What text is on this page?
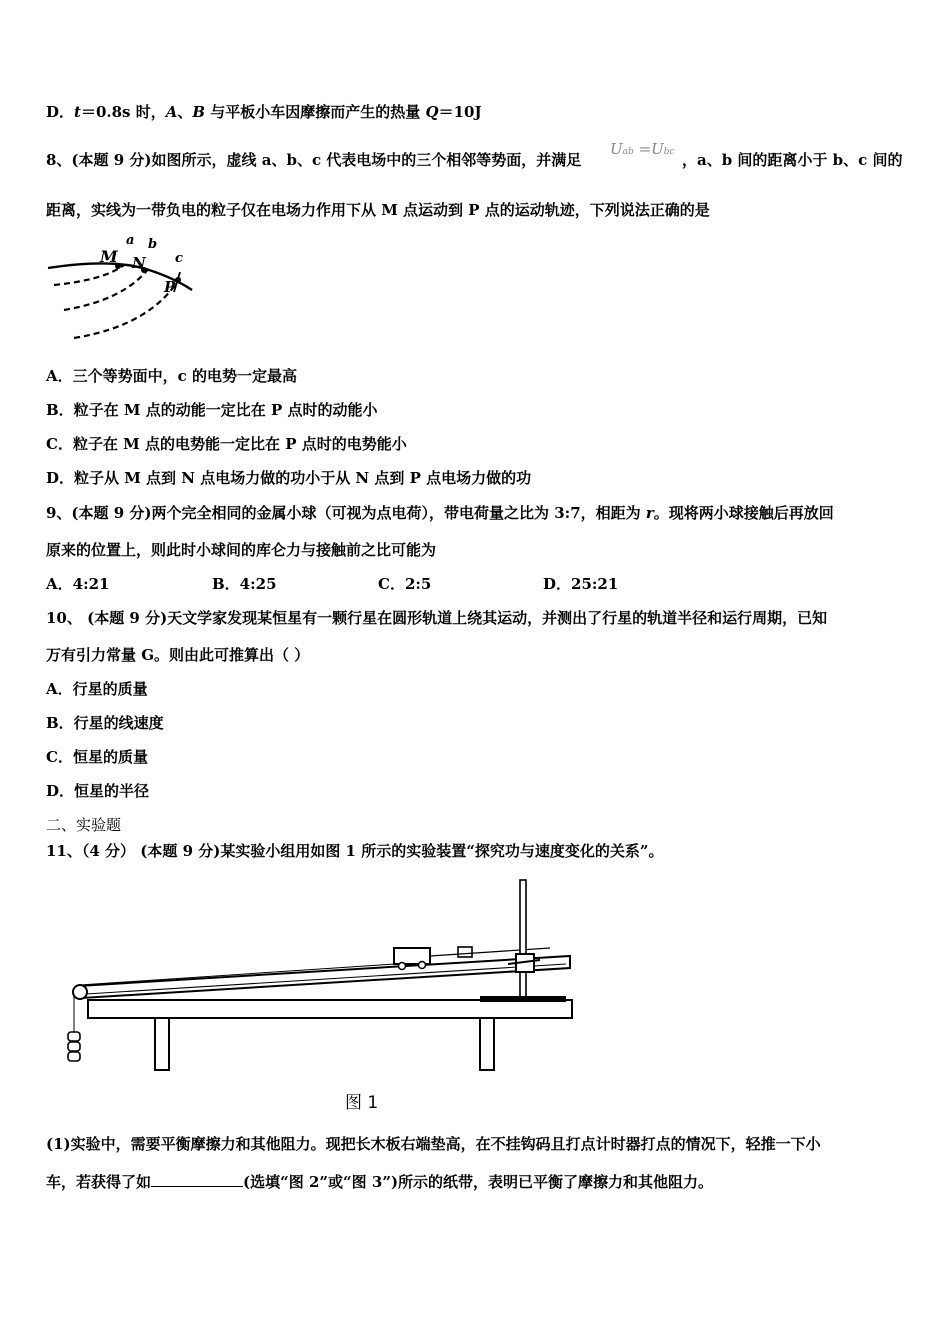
D．t＝0.8s 时，A、B 与平板小车因摩擦而产生的热量 Q＝10J
8、(本题 9 分)如图所示，虚线 a、b、c 代表电场中的三个相邻等势面，并满足
Uab =Ubc ，a、b 间的距离小于 b、c 间的
距离，实线为一带负电的粒子仅在电场力作用下从 M 点运动到 P 点的运动轨迹，下列说法正确的是
M N
P
a b
c
A．三个等势面中，c 的电势一定最高
B．粒子在 M 点的动能一定比在 P 点时的动能小
C．粒子在 M 点的电势能一定比在 P 点时的电势能小
D．粒子从 M 点到 N 点电场力做的功小于从 N 点到 P 点电场力做的功
9、(本题 9 分)两个完全相同的金属小球（可视为点电荷），带电荷量之比为 3:7，相距为 r。现将两小球接触后再放回
原来的位置上，则此时小球间的库仑力与接触前之比可能为
A．4:21	B．4:25	C．2:5	D．25:21
10、 (本题 9 分)天文学家发现某恒星有一颗行星在圆形轨道上绕其运动，并测出了行星的轨道半径和运行周期，已知
万有引力常量 G。则由此可推算出（ ）
A．行星的质量
B．行星的线速度
C．恒星的质量
D．恒星的半径
二、实验题
11、（4 分） (本题 9 分)某实验小组用如图 1 所示的实验装置“探究功与速度变化的关系”。
图 1
(1)实验中，需要平衡摩擦力和其他阻力。现把长木板右端垫高，在不挂钩码且打点计时器打点的情况下，轻推一下小
车，若获得了如	(选填“图 2”或“图 3”)所示的纸带，表明已平衡了摩擦力和其他阻力。
